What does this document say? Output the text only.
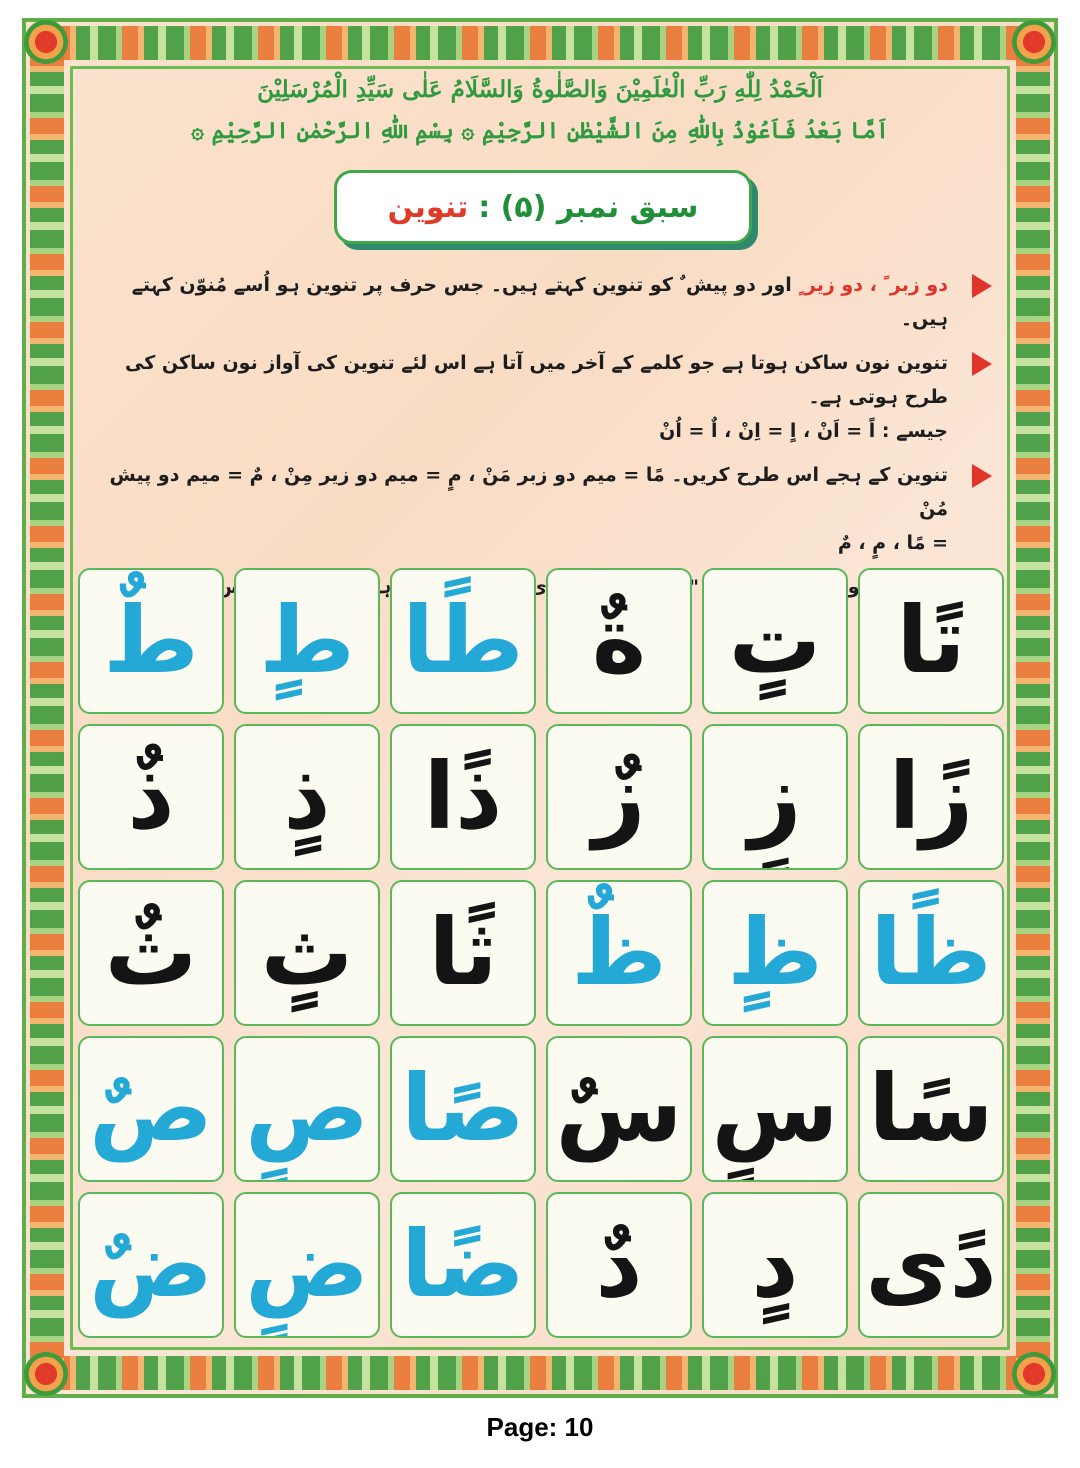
اَلْحَمْدُ لِلّٰهِ رَبِّ الْعٰلَمِيْنَ وَالصَّلٰوةُ وَالسَّلَامُ عَلٰى سَيِّدِ الْمُرْسَلِيْنَ
اَمَّا بَعْدُ فَاَعُوْذُ بِاللّٰهِ مِنَ الشَّيْطٰنِ الرَّجِيْمِ ۞ بِسْمِ اللّٰهِ الرَّحْمٰنِ الرَّحِيْمِ ۞
سبق نمبر (۵) :
تنوین
دو زبر ً ، دو زیر ٍ اور دو پیش ٌ کو تنوین کہتے ہیں۔ جس حرف پر تنوین ہو اُسے مُنوّن کہتے ہیں۔
تنوین نون ساکن ہوتا ہے جو کلمے کے آخر میں آتا ہے اس لئے تنوین کی آواز نون ساکن کی طرح ہوتی ہے۔
جیسے : اً = اَنْ ، اٍ = اِنْ ، اٌ = اُنْ
تنوین کے ہجے اس طرح کریں۔ مًا = میم دو زبر مَنْ ، مٍ = میم دو زیر مِنْ ، مٌ = میم دو پیش مُنْ
= مًا ، مٍ ، مٌ
تنوین " ی	تًا
تٍ
ةٌ
طًا
طٍ
طٌ
زًا
زٍ
زٌ
ذًا
ذٍ
ذٌ
ظًا
ظٍ
ظٌ
ثًا
ثٍ
ثٌ
سًا
سٍ
سٌ
صًا
صٍ
صٌ
دًى
دٍ
دٌ
ضًا
ضٍ
ضٌ
Page: 10
